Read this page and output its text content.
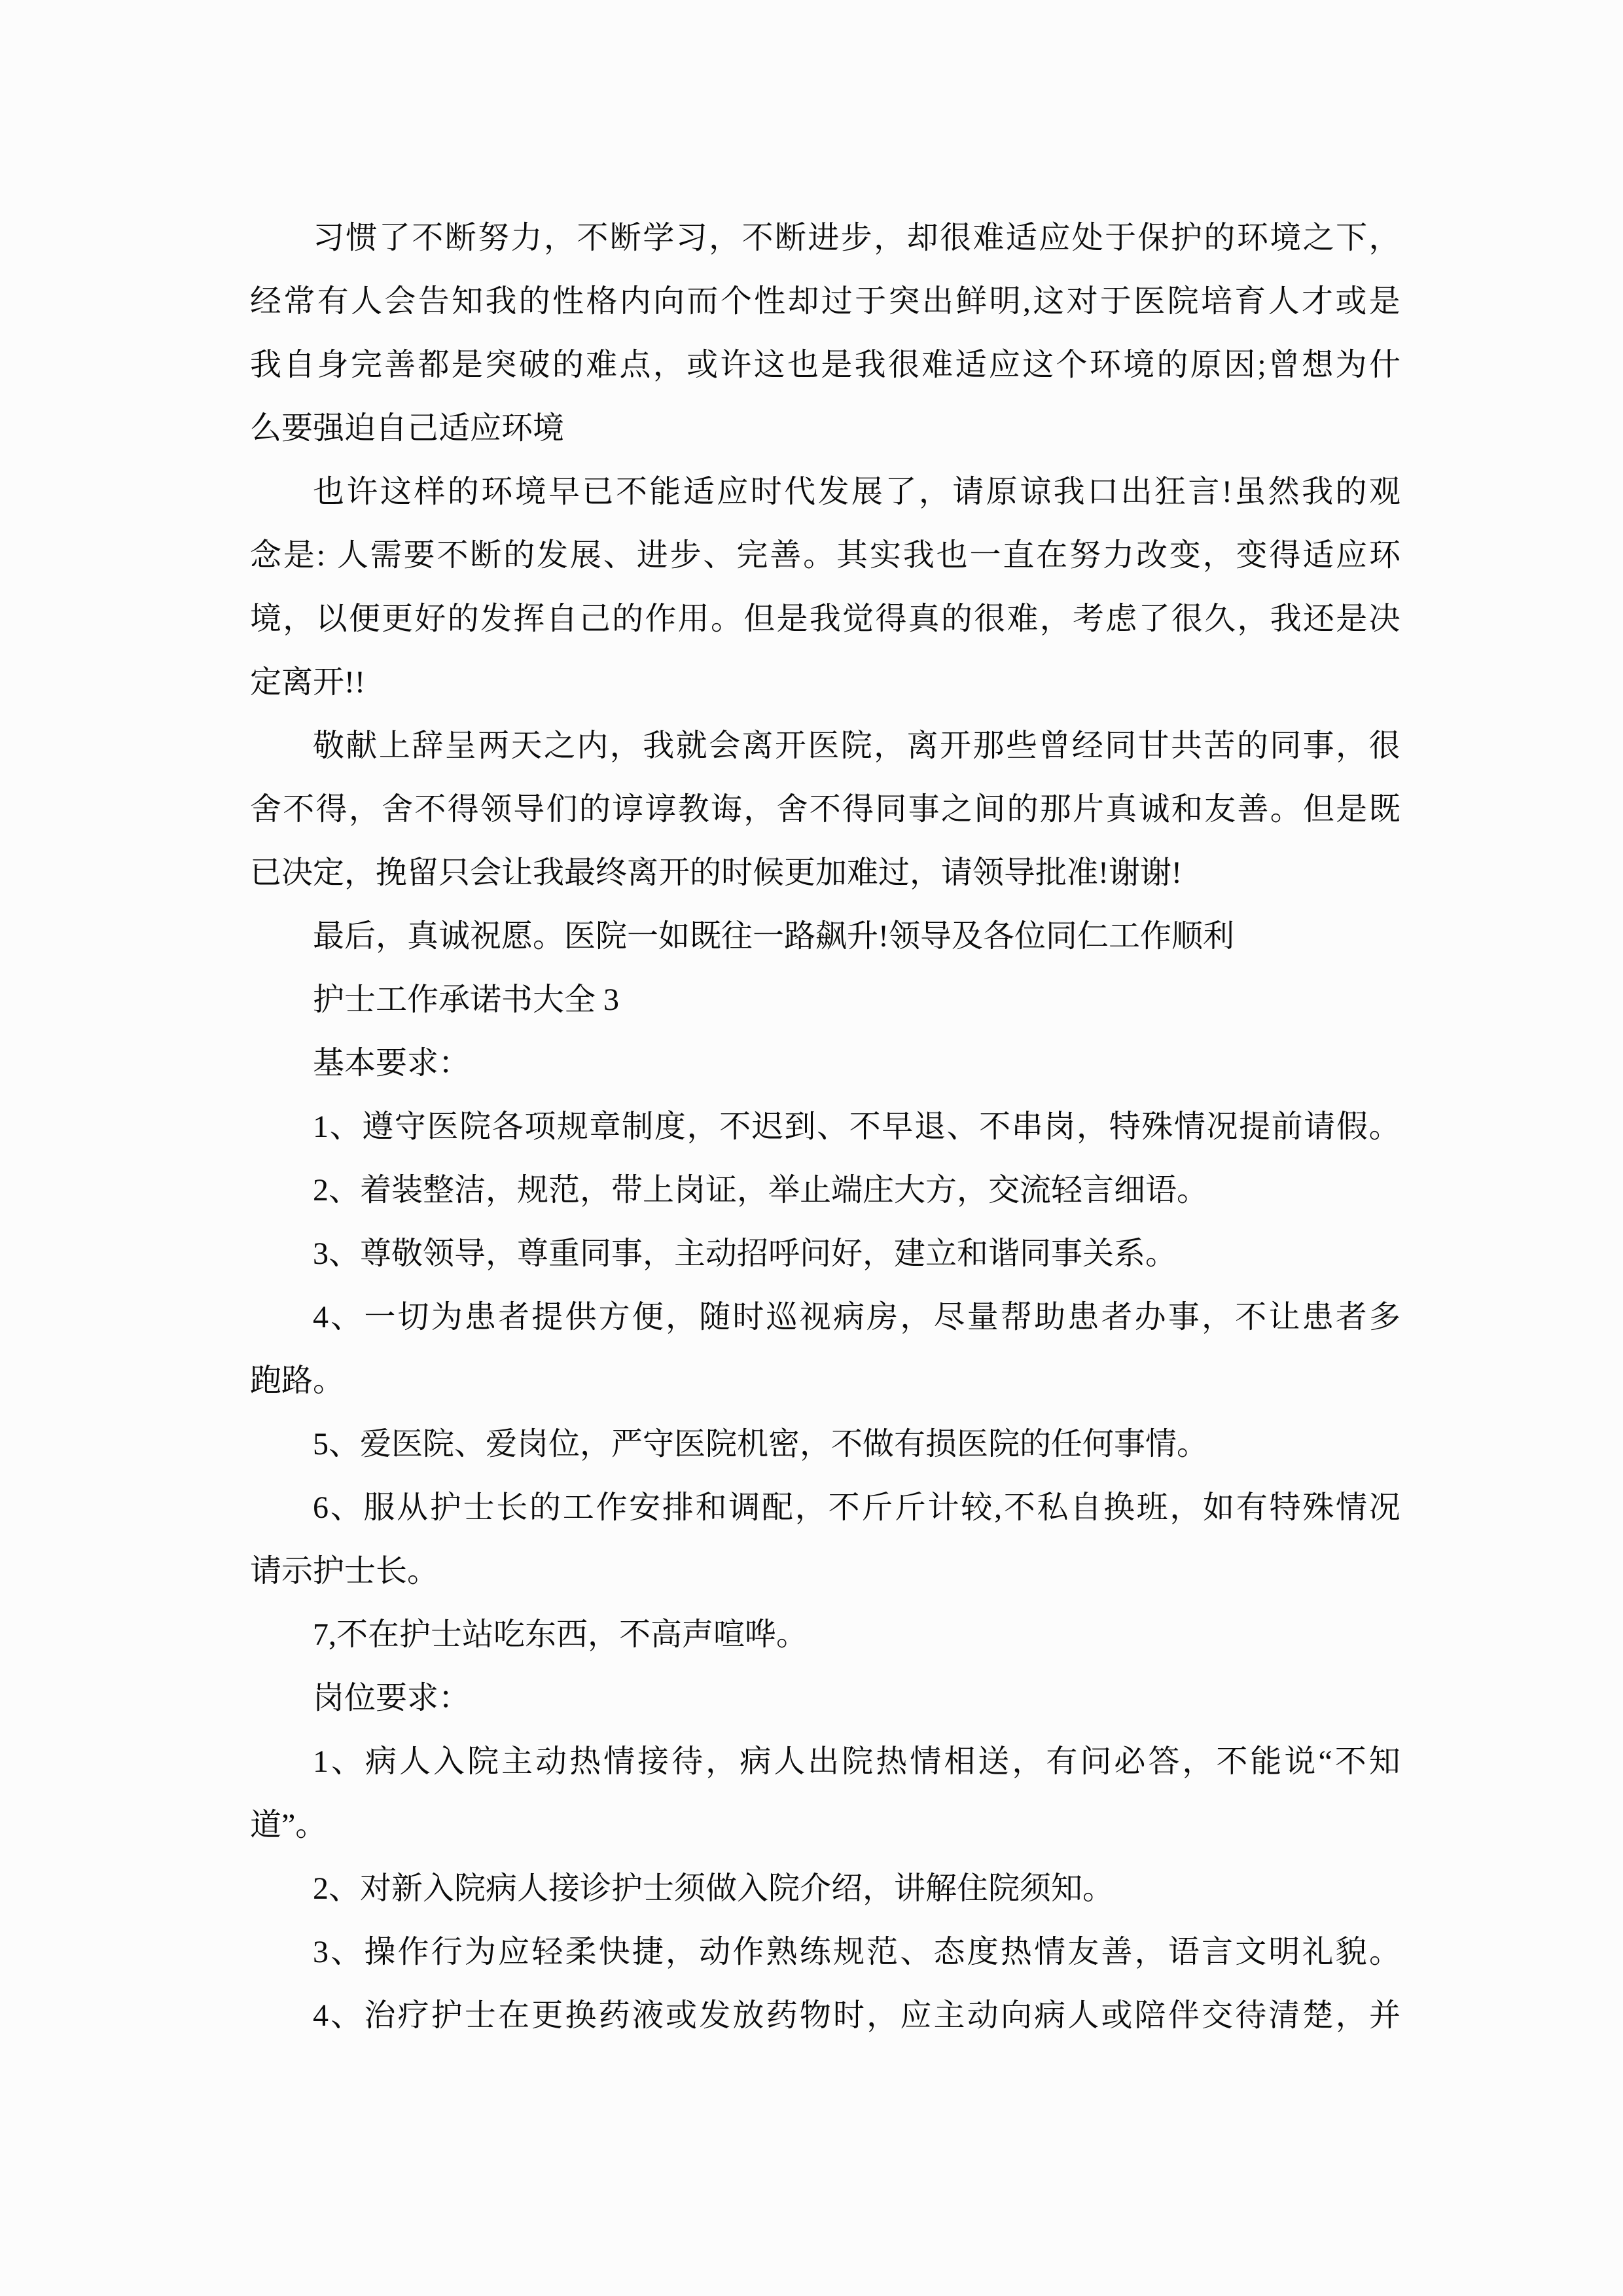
习 惯 了 不 断 努 力 ， 不 断 学 习 ， 不 断 进 步 ， 却 很 难 适 应 处 于 保 护 的 环 境 之 下 ，
经 常 有 人 会 告 知 我 的 性 格 内 向 而 个 性 却 过 于 突 出 鲜 明 , 这 对 于 医 院 培 育 人 才 或 是
我 自 身 完 善 都 是 突 破 的 难 点 ， 或 许 这 也 是 我 很 难 适 应 这 个 环 境 的 原 因 ; 曾 想 为 什
么要强迫自己适应环境
也 许 这 样 的 环 境 早 已 不 能 适 应 时 代 发 展 了 ， 请 原 谅 我 口 出 狂 言 ! 虽 然 我 的 观
念 是 :
人 需 要 不 断 的 发 展 、 进 步 、 完 善 。 其 实 我 也 一 直 在 努 力 改 变 ， 变 得 适 应 环
境 ， 以 便 更 好 的 发 挥 自 己 的 作 用 。 但 是 我 觉 得 真 的 很 难 ， 考 虑 了 很 久 ， 我 还 是 决
定离开!!
敬 献 上 辞 呈 两 天 之 内 ， 我 就 会 离 开 医 院 ， 离 开 那 些 曾 经 同 甘 共 苦 的 同 事 ， 很
舍 不 得 ， 舍 不 得 领 导 们 的 谆 谆 教 诲 ， 舍 不 得 同 事 之 间 的 那 片 真 诚 和 友 善 。 但 是 既
已决定，挽留只会让我最终离开的时候更加难过，请领导批准!谢谢!
最后，真诚祝愿。医院一如既往一路飙升!领导及各位同仁工作顺利
护士工作承诺书大全 3
基本要求：
1 、 遵 守 医 院 各 项 规 章 制 度 ， 不 迟 到 、 不 早 退 、 不 串 岗 ， 特 殊 情 况 提 前 请 假 。
2、着装整洁，规范，带上岗证，举止端庄大方，交流轻言细语。
3、尊敬领导，尊重同事，主动招呼问好，建立和谐同事关系。
4 、 一 切 为 患 者 提 供 方 便 ， 随 时 巡 视 病 房 ， 尽 量 帮 助 患 者 办 事 ， 不 让 患 者 多
跑路。
5、爱医院、爱岗位，严守医院机密，不做有损医院的任何事情。
6 、 服 从 护 士 长 的 工 作 安 排 和 调 配 ， 不 斤 斤 计 较 , 不 私 自 换 班 ， 如 有 特 殊 情 况
请示护士长。
7,不在护士站吃东西，不高声喧哗。
岗位要求：
1 、 病 人 入 院 主 动 热 情 接 待 ， 病 人 出 院 热 情 相 送 ， 有 问 必 答 ， 不 能 说 “ 不 知
道”。
2、对新入院病人接诊护士须做入院介绍，讲解住院须知。
3 、 操 作 行 为 应 轻 柔 快 捷 ， 动 作 熟 练 规 范 、 态 度 热 情 友 善 ， 语 言 文 明 礼 貌 。
4 、 治 疗 护 士 在 更 换 药 液 或 发 放 药 物 时 ， 应 主 动 向 病 人 或 陪 伴 交 待 清 楚 ， 并
